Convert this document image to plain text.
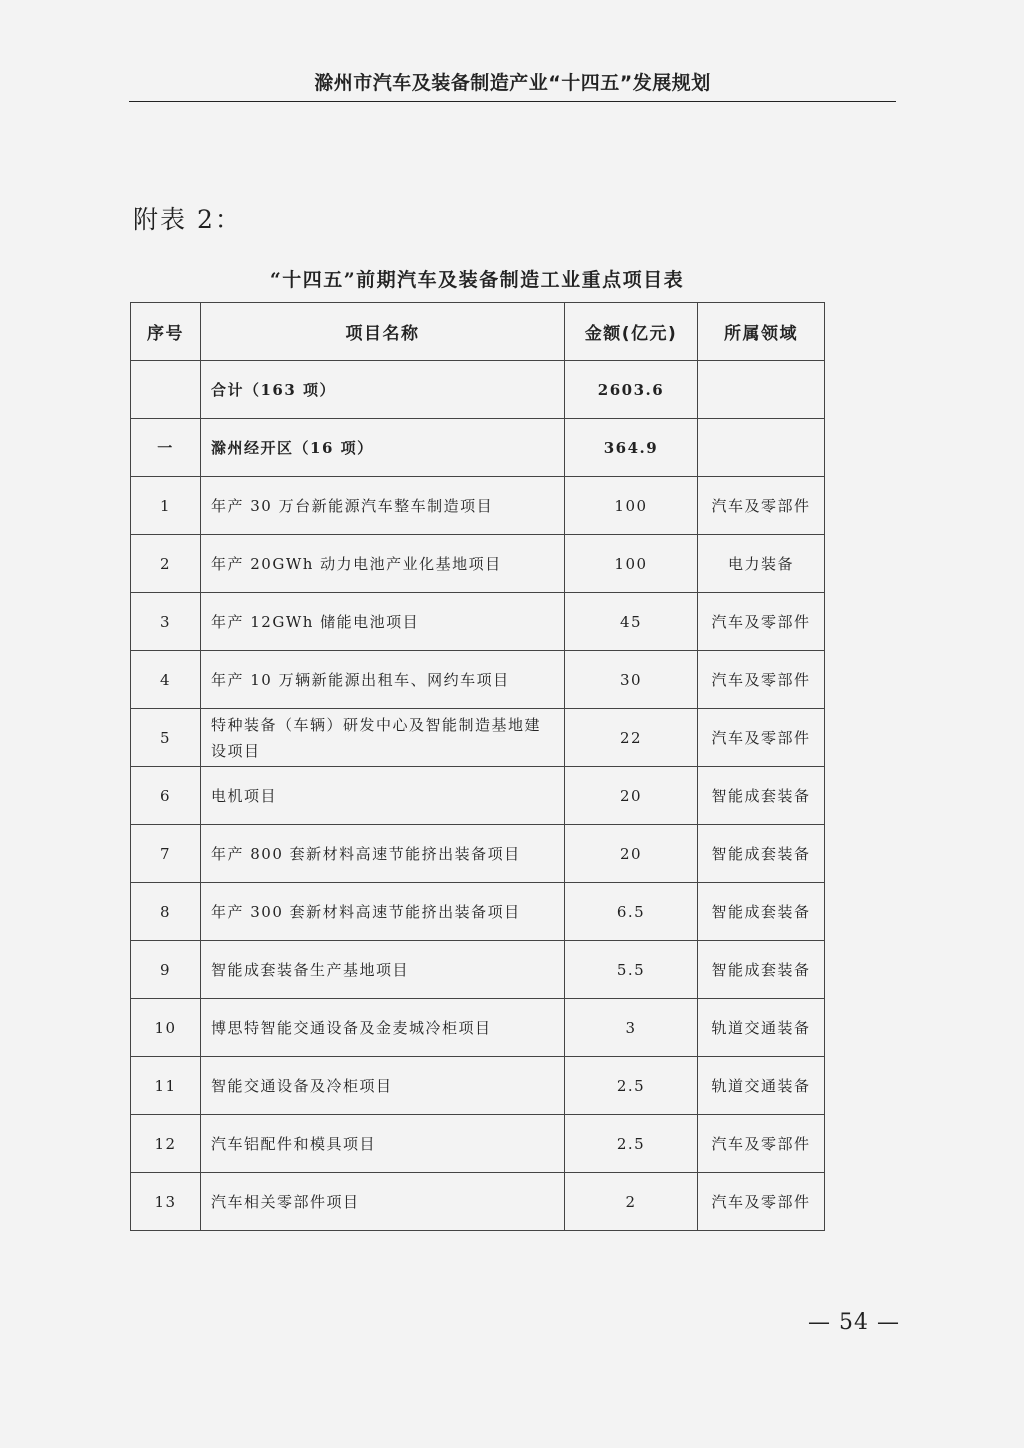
滁州市汽车及装备制造产业“十四五”发展规划
附表 2：
“十四五”前期汽车及装备制造工业重点项目表
序号	项目名称	金额(亿元)	所属领域
	合计（163 项）	2603.6	
一	滁州经开区（16 项）	364.9	
1	年产 30 万台新能源汽车整车制造项目	100	汽车及零部件
2	年产 20GWh 动力电池产业化基地项目	100	电力装备
3	年产 12GWh 储能电池项目	45	汽车及零部件
4	年产 10 万辆新能源出租车、网约车项目	30	汽车及零部件
5	特种装备（车辆）研发中心及智能制造基地建设项目	22	汽车及零部件
6	电机项目	20	智能成套装备
7	年产 800 套新材料高速节能挤出装备项目	20	智能成套装备
8	年产 300 套新材料高速节能挤出装备项目	6.5	智能成套装备
9	智能成套装备生产基地项目	5.5	智能成套装备
10	博思特智能交通设备及金麦城冷柜项目	3	轨道交通装备
11	智能交通设备及冷柜项目	2.5	轨道交通装备
12	汽车铝配件和模具项目	2.5	汽车及零部件
13	汽车相关零部件项目	2	汽车及零部件
— 54 —
